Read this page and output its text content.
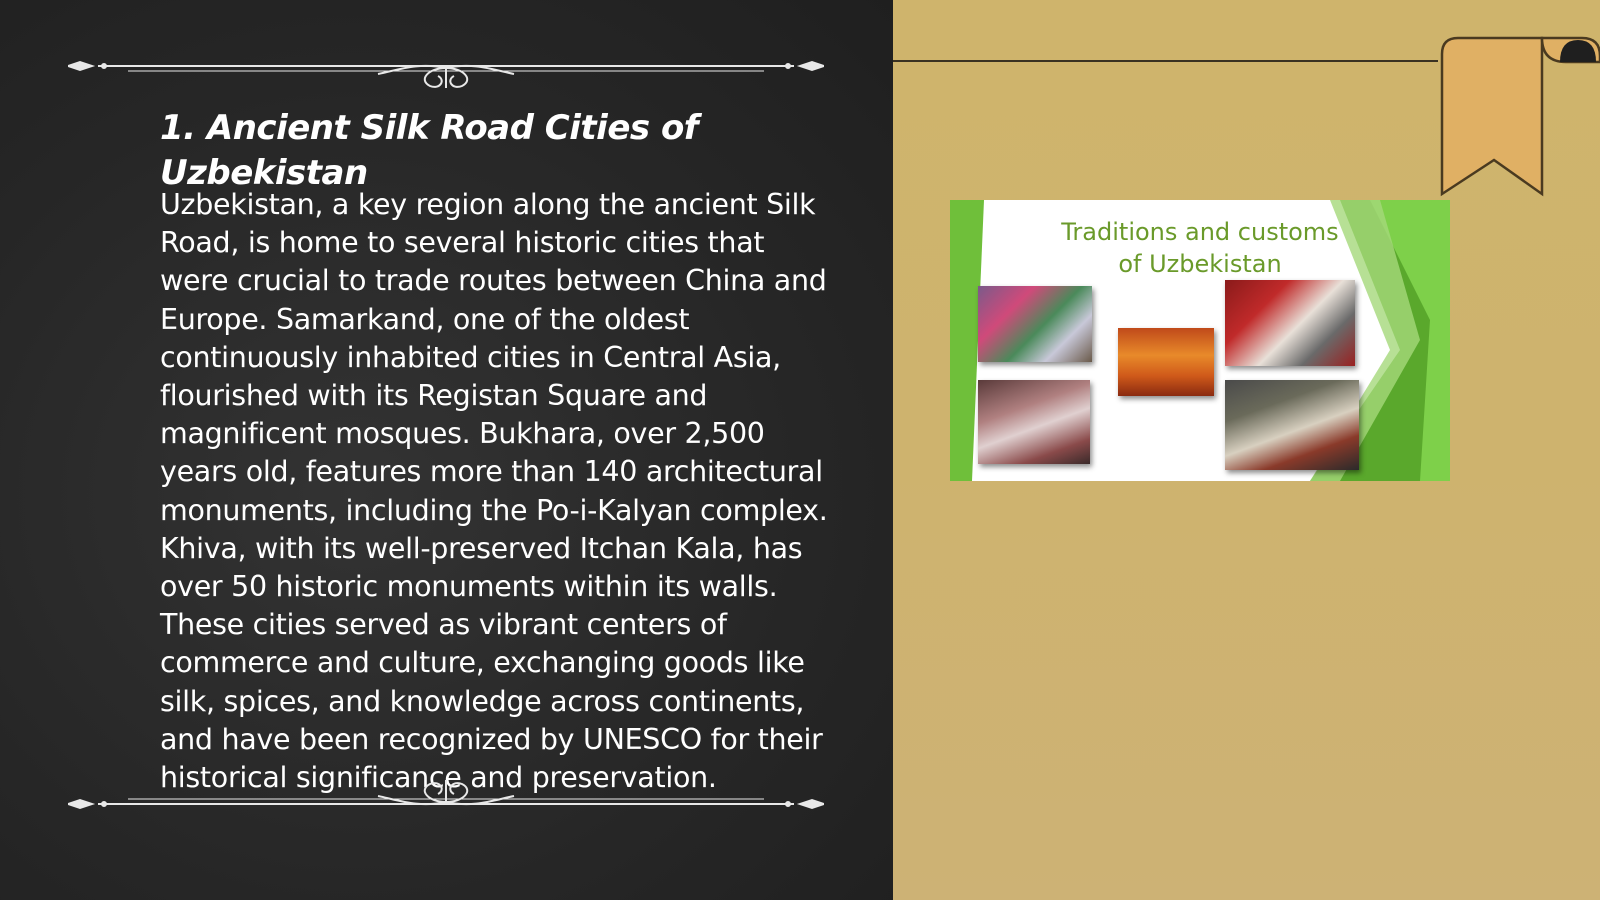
1. Ancient Silk Road Cities of Uzbekistan

Uzbekistan, a key region along the ancient Silk Road, is home to several historic cities that were crucial to trade routes between China and Europe. Samarkand, one of the oldest continuously inhabited cities in Central Asia, flourished with its Registan Square and magnificent mosques. Bukhara, over 2,500 years old, features more than 140 architectural monuments, including the Po-i-Kalyan complex. Khiva, with its well-preserved Itchan Kala, has over 50 historic monuments within its walls. These cities served as vibrant centers of commerce and culture, exchanging goods like silk, spices, and knowledge across continents, and have been recognized by UNESCO for their historical significance and preservation.

Traditions and customs
of Uzbekistan
